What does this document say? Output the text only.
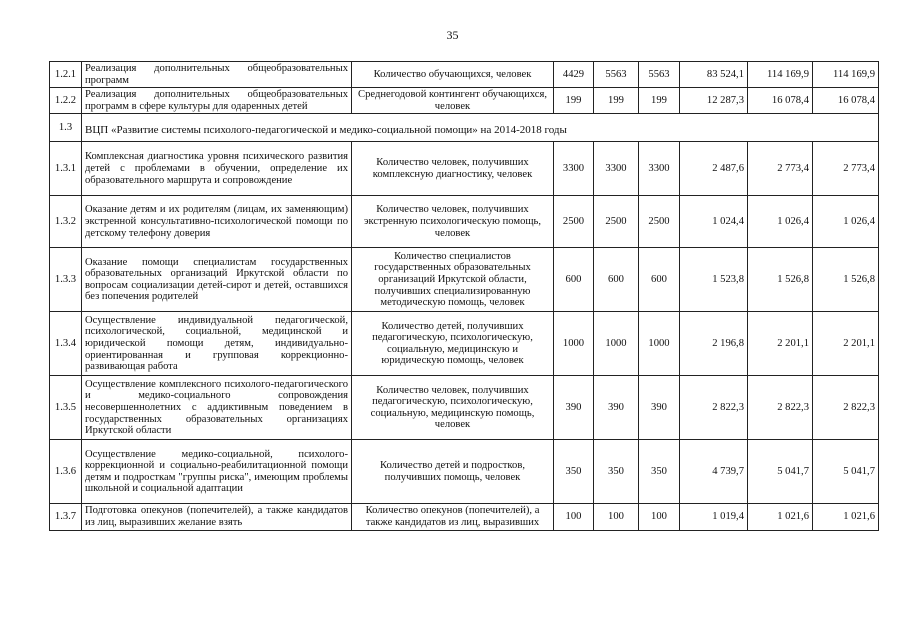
35
1.2.1	Реализация дополнительных общеобразовательных программ	Количество обучающихся, человек	4429	5563	5563	83 524,1	114 169,9	114 169,9
1.2.2	Реализация дополнительных общеобразовательных программ в сфере культуры для одаренных детей	Среднегодовой контингент обучающихся, человек	199	199	199	12 287,3	16 078,4	16 078,4
1.3	ВЦП «Развитие системы психолого-педагогической и медико-социальной помощи» на 2014-2018 годы							
1.3.1	Комплексная диагностика уровня психического развития детей с проблемами в обучении, определение их образовательного маршрута и сопровождение	Количество человек, получивших комплексную диагностику, человек	3300	3300	3300	2 487,6	2 773,4	2 773,4
1.3.2	Оказание детям и их родителям (лицам, их заменяющим) экстренной консультативно-психологической помощи по детскому телефону доверия	Количество человек, получивших экстренную психологическую помощь, человек	2500	2500	2500	1 024,4	1 026,4	1 026,4
1.3.3	Оказание помощи специалистам государственных образовательных организаций Иркутской области по вопросам социализации детей-сирот и детей, оставшихся без попечения родителей	Количество специалистов государственных образовательных организаций Иркутской области, получивших специализированную методическую помощь, человек	600	600	600	1 523,8	1 526,8	1 526,8
1.3.4	Осуществление индивидуальной педагогической, психологической, социальной, медицинской и юридической помощи детям, индивидуально-ориентированная и групповая коррекционно-развивающая работа	Количество детей, получивших педагогическую, психологическую, социальную, медицинскую и юридическую помощь, человек	1000	1000	1000	2 196,8	2 201,1	2 201,1
1.3.5	Осуществление комплексного психолого-педагогического и медико-социального сопровождения несовершеннолетних с аддиктивным поведением в государственных образовательных организациях Иркутской области	Количество человек, получивших педагогическую, психологическую, социальную, медицинскую помощь, человек	390	390	390	2 822,3	2 822,3	2 822,3
1.3.6	Осуществление медико-социальной, психолого-коррекционной и социально-реабилитационной помощи детям и подросткам "группы риска", имеющим проблемы школьной и социальной адаптации	Количество детей и подростков, получивших помощь, человек	350	350	350	4 739,7	5 041,7	5 041,7
1.3.7	Подготовка опекунов (попечителей), а также кандидатов из лиц, выразивших желание взять	Количество опекунов (попечителей), а также кандидатов из лиц, выразивших	100	100	100	1 019,4	1 021,6	1 021,6
